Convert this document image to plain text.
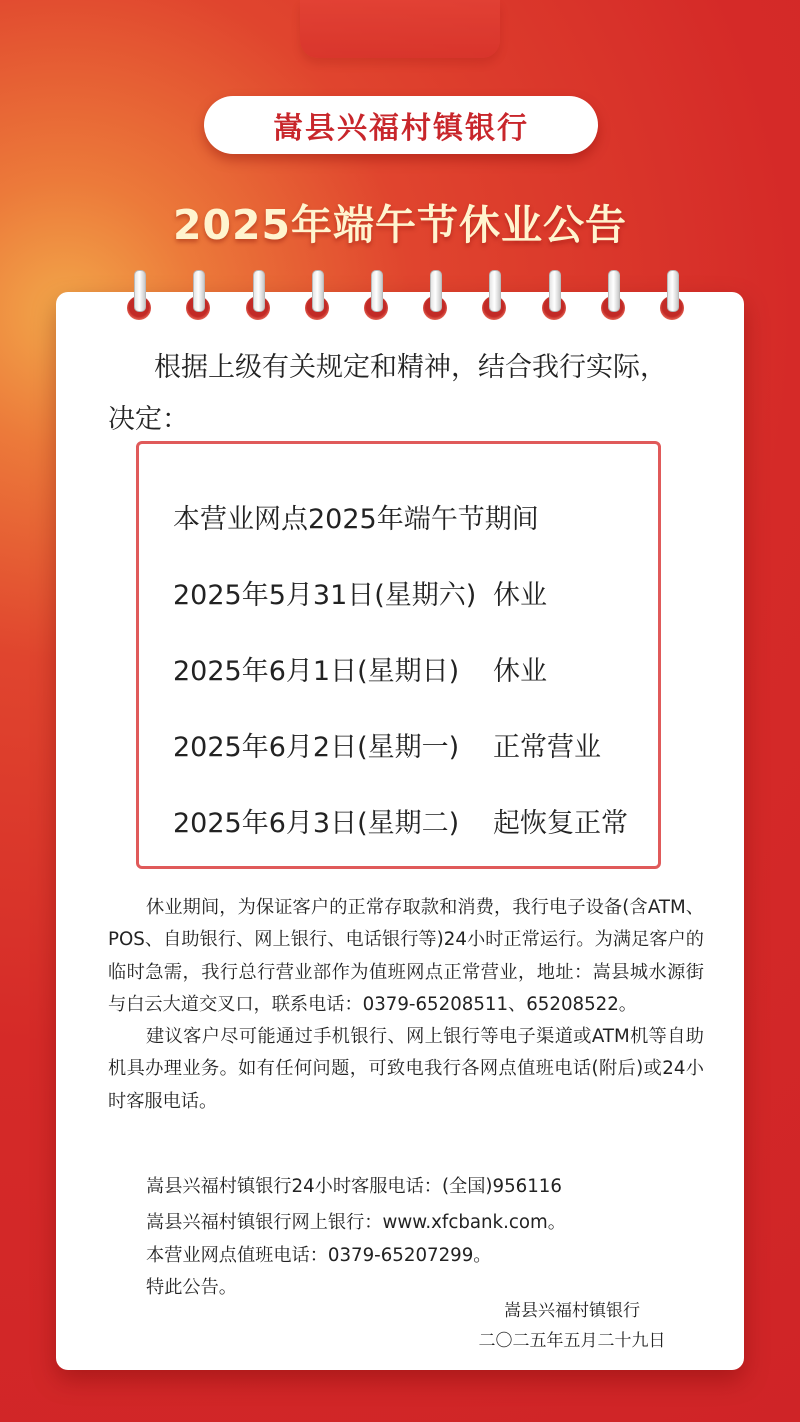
嵩县兴福村镇银行
2025年端午节休业公告
根据上级有关规定和精神，结合我行实际，
决定：
本营业网点2025年端午节期间
2025年5月31日(星期六) 休业
2025年6月1日(星期日) 休业
2025年6月2日(星期一) 正常营业
2025年6月3日(星期二) 起恢复正常

休业期间，为保证客户的正常存取款和消费，我行电子设备(含ATM、POS、自助银行、网上银行、电话银行等)24小时正常运行。为满足客户的临时急需，我行总行营业部作为值班网点正常营业，地址：嵩县城水源街与白云大道交叉口，联系电话：0379-65208511、65208522。

建议客户尽可能通过手机银行、网上银行等电子渠道或ATM机等自助机具办理业务。如有任何问题，可致电我行各网点值班电话(附后)或24小时客服电话。

嵩县兴福村镇银行24小时客服电话：(全国)956116
嵩县兴福村镇银行网上银行：www.xfcbank.com。
本营业网点值班电话：0379-65207299。
特此公告。
嵩县兴福村镇银行
二〇二五年五月二十九日
